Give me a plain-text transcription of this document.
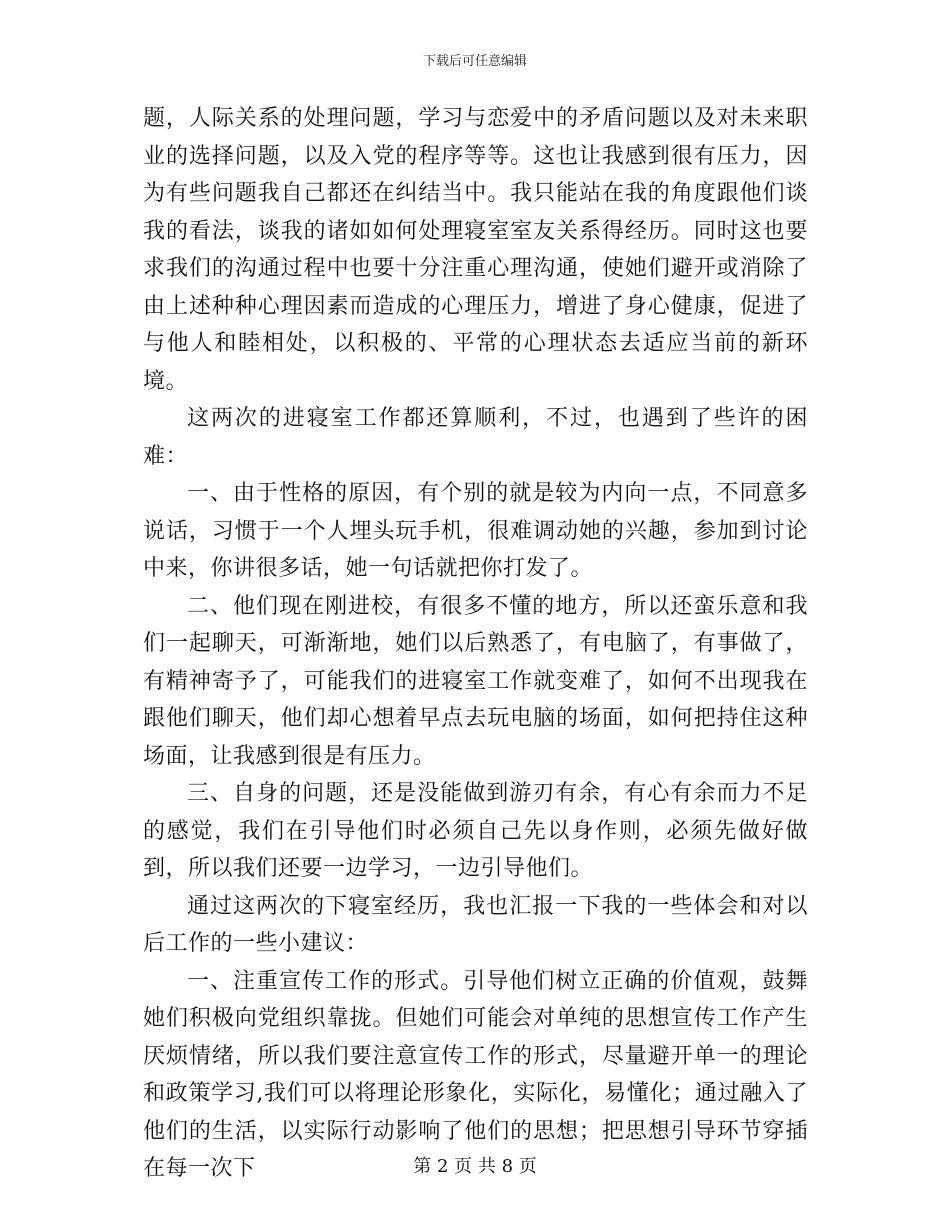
下载后可任意编辑

题，人际关系的处理问题，学习与恋爱中的矛盾问题以及对未来职业的选择问题，以及入党的程序等等。这也让我感到很有压力，因为有些问题我自己都还在纠结当中。我只能站在我的角度跟他们谈我的看法，谈我的诸如如何处理寝室室友关系得经历。同时这也要求我们的沟通过程中也要十分注重心理沟通，使她们避开或消除了由上述种种心理因素而造成的心理压力，增进了身心健康，促进了与他人和睦相处，以积极的、平常的心理状态去适应当前的新环境。

这两次的进寝室工作都还算顺利，不过，也遇到了些许的困难：

一、由于性格的原因，有个别的就是较为内向一点，不同意多说话，习惯于一个人埋头玩手机，很难调动她的兴趣，参加到讨论中来，你讲很多话，她一句话就把你打发了。

二、他们现在刚进校，有很多不懂的地方，所以还蛮乐意和我们一起聊天，可渐渐地，她们以后熟悉了，有电脑了，有事做了，有精神寄予了，可能我们的进寝室工作就变难了，如何不出现我在跟他们聊天，他们却心想着早点去玩电脑的场面，如何把持住这种场面，让我感到很是有压力。

三、自身的问题，还是没能做到游刃有余，有心有余而力不足的感觉，我们在引导他们时必须自己先以身作则，必须先做好做到，所以我们还要一边学习，一边引导他们。

通过这两次的下寝室经历，我也汇报一下我的一些体会和对以后工作的一些小建议：

一、注重宣传工作的形式。引导他们树立正确的价值观，鼓舞她们积极向党组织靠拢。但她们可能会对单纯的思想宣传工作产生厌烦情绪，所以我们要注意宣传工作的形式，尽量避开单一的理论和政策学习,我们可以将理论形象化，实际化，易懂化；通过融入了他们的生活，以实际行动影响了他们的思想；把思想引导环节穿插在每一次下	第 2 页 共 8 页
